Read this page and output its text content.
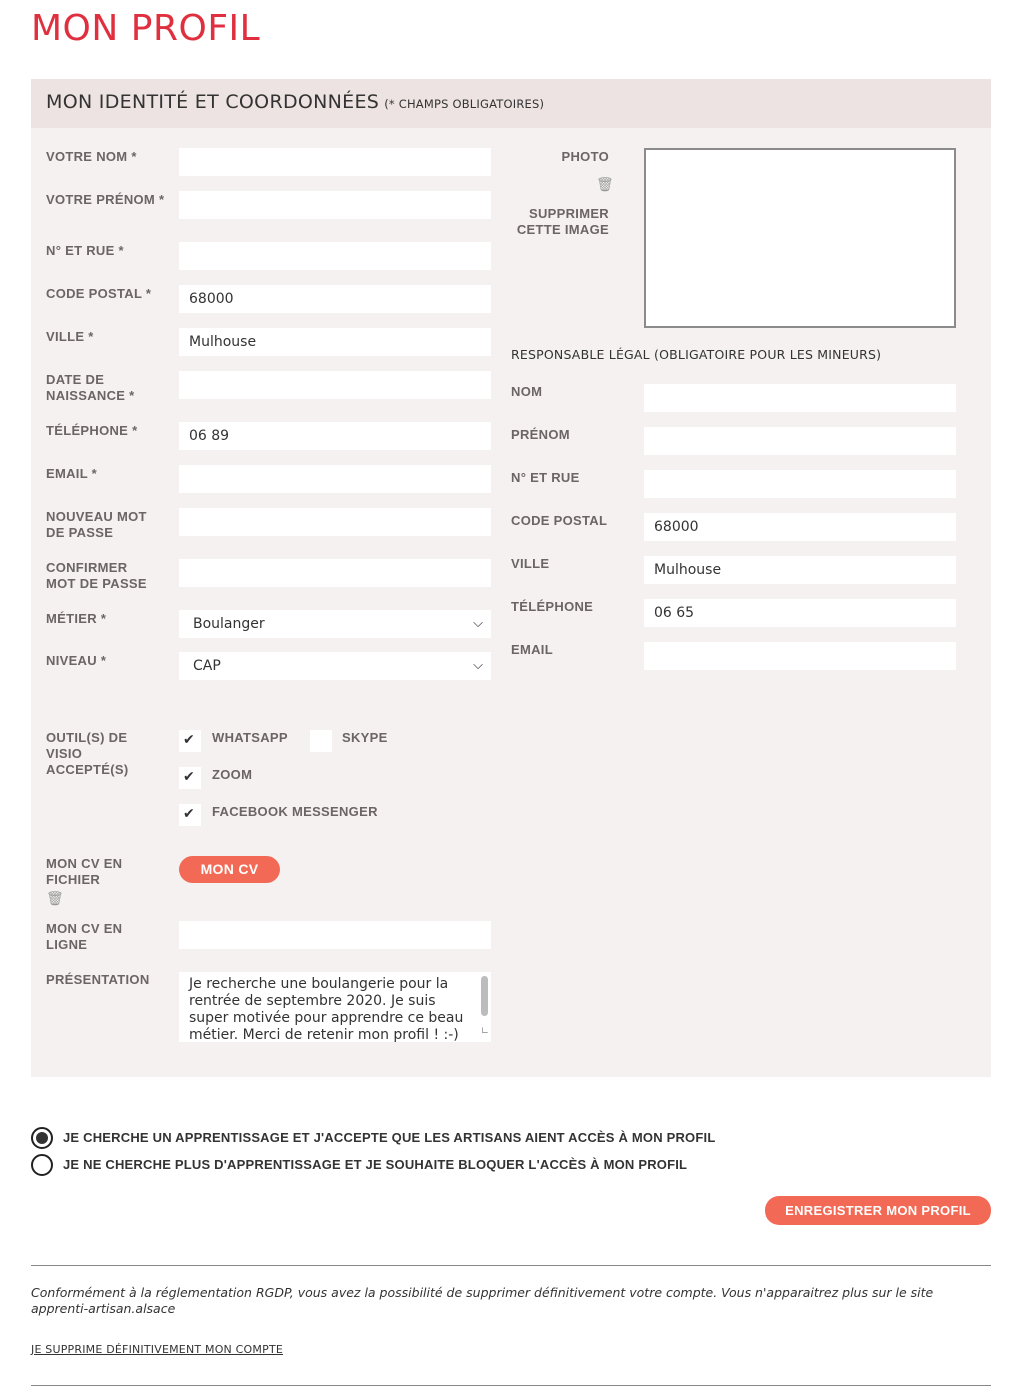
MON PROFIL
MON IDENTITÉ ET COORDONNÉES (* CHAMPS OBLIGATOIRES)
VOTRE NOM *
VOTRE PRÉNOM *
N° ET RUE *
CODE POSTAL *	68000
VILLE *	Mulhouse
DATE DE NAISSANCE *
TÉLÉPHONE *	06 89
EMAIL *
NOUVEAU MOT DE PASSE
CONFIRMER MOT DE PASSE
MÉTIER *	Boulanger	⌵
NIVEAU *	CAP	⌵
OUTIL(S) DE VISIO ACCEPTÉ(S)
✔ WHATSAPP	SKYPE
✔ ZOOM
✔ FACEBOOK MESSENGER
MON CV EN FICHIER
🗑
MON CV
MON CV EN LIGNE
PRÉSENTATION	Je recherche une boulangerie pour la rentrée de septembre 2020. Je suis super motivée pour apprendre ce beau métier. Merci de retenir mon profil ! :-) ∟
PHOTO
🗑
SUPPRIMER CETTE IMAGE
RESPONSABLE LÉGAL (OBLIGATOIRE POUR LES MINEURS)
NOM
PRÉNOM
N° ET RUE
CODE POSTAL	68000
VILLE	Mulhouse
TÉLÉPHONE	06 65
EMAIL
JE CHERCHE UN APPRENTISSAGE ET J'ACCEPTE QUE LES ARTISANS AIENT ACCÈS À MON PROFIL
JE NE CHERCHE PLUS D'APPRENTISSAGE ET JE SOUHAITE BLOQUER L'ACCÈS À MON PROFIL
ENREGISTRER MON PROFIL
Conformément à la réglementation RGDP, vous avez la possibilité de supprimer définitivement votre compte. Vous n'apparaitrez plus sur le site apprenti-artisan.alsace
JE SUPPRIME DÉFINITIVEMENT MON COMPTE
